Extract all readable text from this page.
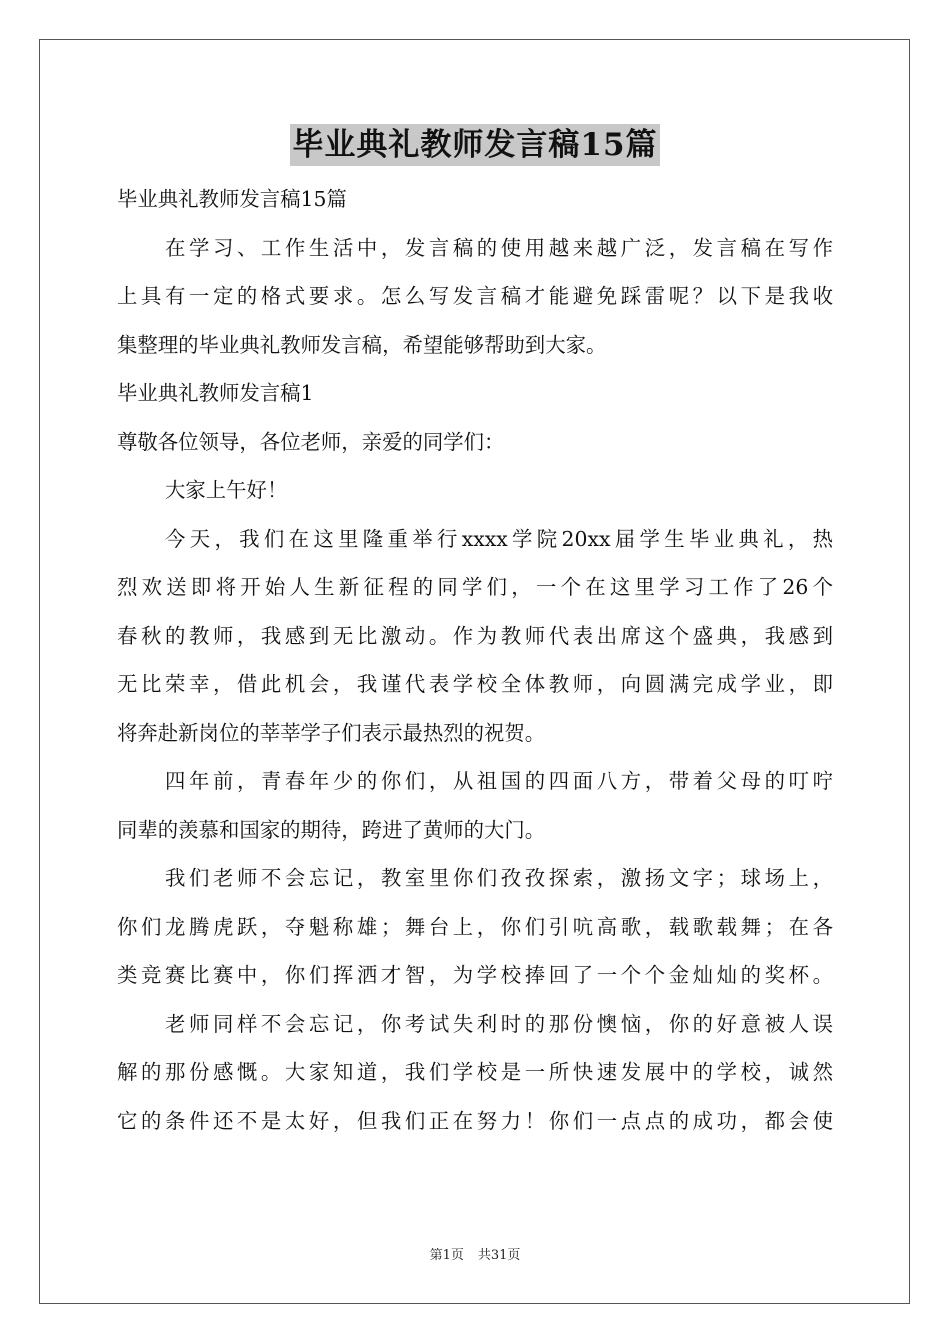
毕业典礼教师发言稿15篇
毕业典礼教师发言稿15篇
在学习、工作生活中，发言稿的使用越来越广泛，发言稿在写作
上具有一定的格式要求。怎么写发言稿才能避免踩雷呢？以下是我收
集整理的毕业典礼教师发言稿，希望能够帮助到大家。
毕业典礼教师发言稿1
尊敬各位领导，各位老师，亲爱的同学们：
大家上午好！
今天，我们在这里隆重举行xxxx学院20xx届学生毕业典礼，热
烈欢送即将开始人生新征程的同学们，一个在这里学习工作了26个
春秋的教师，我感到无比激动。作为教师代表出席这个盛典，我感到
无比荣幸，借此机会，我谨代表学校全体教师，向圆满完成学业，即
将奔赴新岗位的莘莘学子们表示最热烈的祝贺。
四年前，青春年少的你们，从祖国的四面八方，带着父母的叮咛
同辈的羡慕和国家的期待，跨进了黄师的大门。
我们老师不会忘记，教室里你们孜孜探索，激扬文字；球场上，
你们龙腾虎跃，夺魁称雄；舞台上，你们引吭高歌，载歌载舞；在各
类竞赛比赛中，你们挥洒才智，为学校捧回了一个个金灿灿的奖杯。
老师同样不会忘记，你考试失利时的那份懊恼，你的好意被人误
解的那份感慨。大家知道，我们学校是一所快速发展中的学校，诚然
它的条件还不是太好，但我们正在努力！你们一点点的成功，都会使
第1页 共31页
